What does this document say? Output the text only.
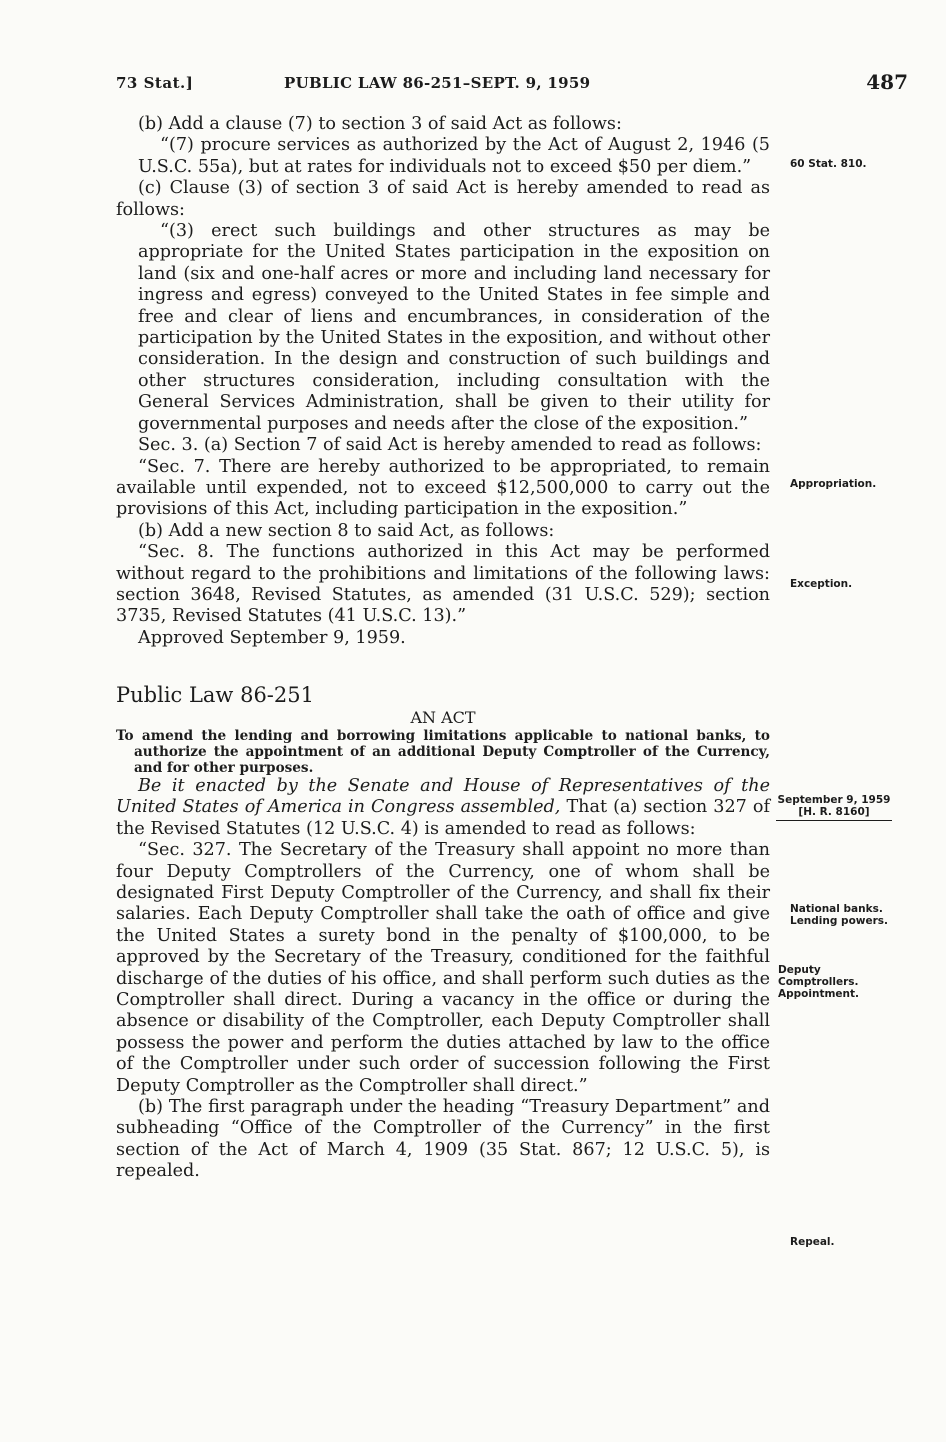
73 Stat.]	PUBLIC LAW 86-251–SEPT. 9, 1959	487

(b) Add a clause (7) to section 3 of said Act as follows:

“(7) procure services as authorized by the Act of August 2, 1946 (5 U.S.C. 55a), but at rates for individuals not to exceed $50 per diem.”

(c) Clause (3) of section 3 of said Act is hereby amended to read as follows:

“(3) erect such buildings and other structures as may be appropriate for the United States participation in the exposition on land (six and one-half acres or more and including land necessary for ingress and egress) conveyed to the United States in fee simple and free and clear of liens and encumbrances, in consideration of the participation by the United States in the exposition, and without other consideration. In the design and construction of such buildings and other structures consideration, including consultation with the General Services Administration, shall be given to their utility for governmental purposes and needs after the close of the exposition.”

Sec. 3. (a) Section 7 of said Act is hereby amended to read as follows:

“Sec. 7. There are hereby authorized to be appropriated, to remain available until expended, not to exceed $12,500,000 to carry out the provisions of this Act, including participation in the exposition.”

(b) Add a new section 8 to said Act, as follows:

“Sec. 8. The functions authorized in this Act may be performed without regard to the prohibitions and limitations of the following laws: section 3648, Revised Statutes, as amended (31 U.S.C. 529); section 3735, Revised Statutes (41 U.S.C. 13).”

Approved September 9, 1959.

Public Law 86-251

AN ACT

To amend the lending and borrowing limitations applicable to national banks, to authorize the appointment of an additional Deputy Comptroller of the Currency, and for other purposes.

Be it enacted by the Senate and House of Representatives of the United States of America in Congress assembled, That (a) section 327 of the Revised Statutes (12 U.S.C. 4) is amended to read as follows:

“Sec. 327. The Secretary of the Treasury shall appoint no more than four Deputy Comptrollers of the Currency, one of whom shall be designated First Deputy Comptroller of the Currency, and shall fix their salaries. Each Deputy Comptroller shall take the oath of office and give the United States a surety bond in the penalty of $100,000, to be approved by the Secretary of the Treasury, conditioned for the faithful discharge of the duties of his office, and shall perform such duties as the Comptroller shall direct. During a vacancy in the office or during the absence or disability of the Comptroller, each Deputy Comptroller shall possess the power and perform the duties attached by law to the office of the Comptroller under such order of succession following the First Deputy Comptroller as the Comptroller shall direct.”

(b) The first paragraph under the heading “Treasury Department” and subheading “Office of the Comptroller of the Currency” in the first section of the Act of March 4, 1909 (35 Stat. 867; 12 U.S.C. 5), is repealed.

60 Stat. 810.
Appropriation.
Exception.
September 9, 1959
[H. R. 8160]
National banks. Lending powers.
Deputy Comptrollers. Appointment.
Repeal.
